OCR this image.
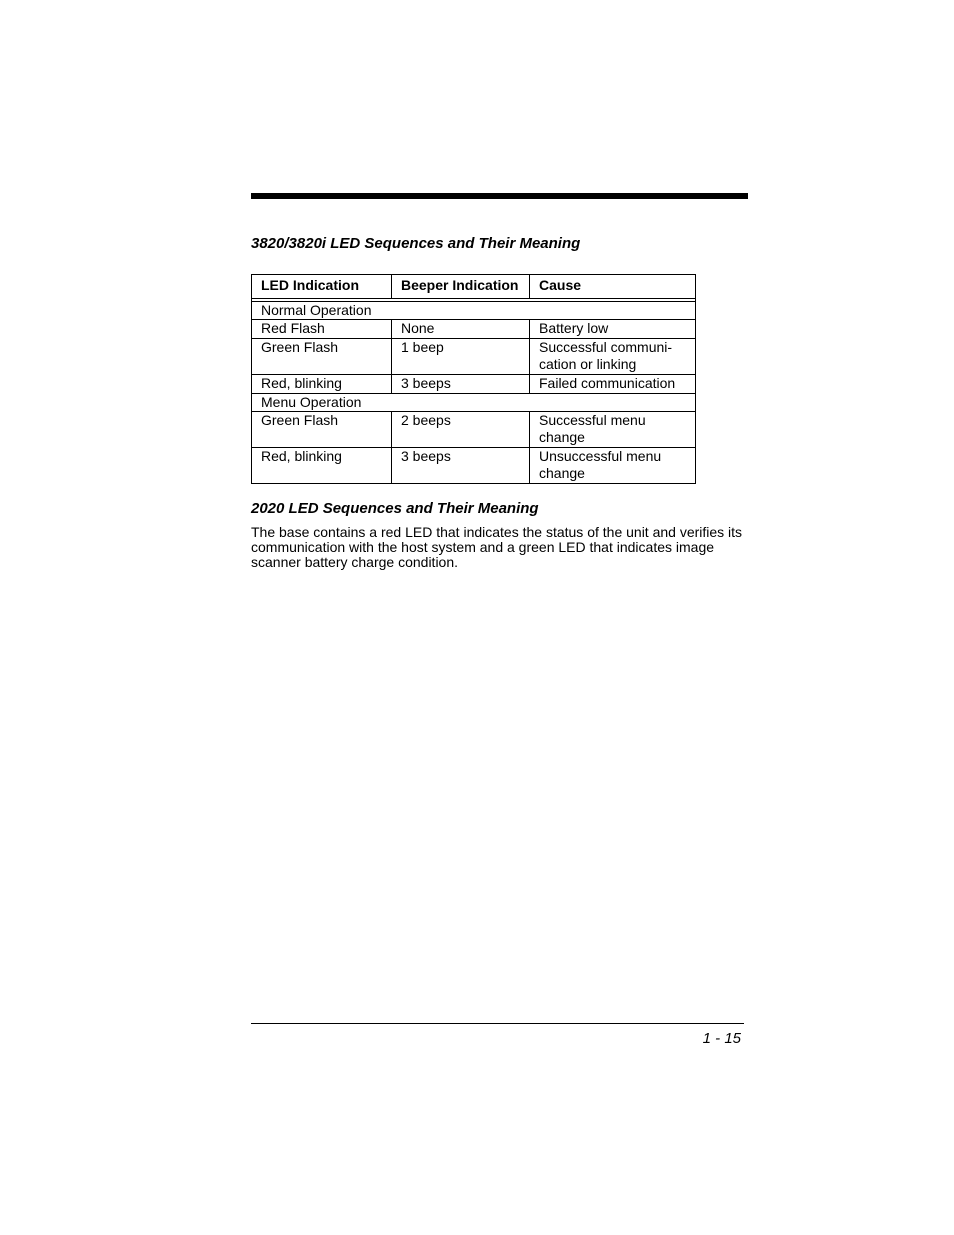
3820/3820i LED Sequences and Their Meaning
LED Indication	Beeper Indication	Cause

Normal Operation		
Red Flash	None	Battery low
Green Flash	1 beep	Successful communi-
cation or linking
Red, blinking	3 beeps	Failed communication
Menu Operation		
Green Flash	2 beeps	Successful menu
change
Red, blinking	3 beeps	Unsuccessful menu
change
2020 LED Sequences and Their Meaning

The base contains a red LED that indicates the status of the unit and verifies its communication with the host system and a green LED that indicates image scanner battery charge condition.

1 - 15
